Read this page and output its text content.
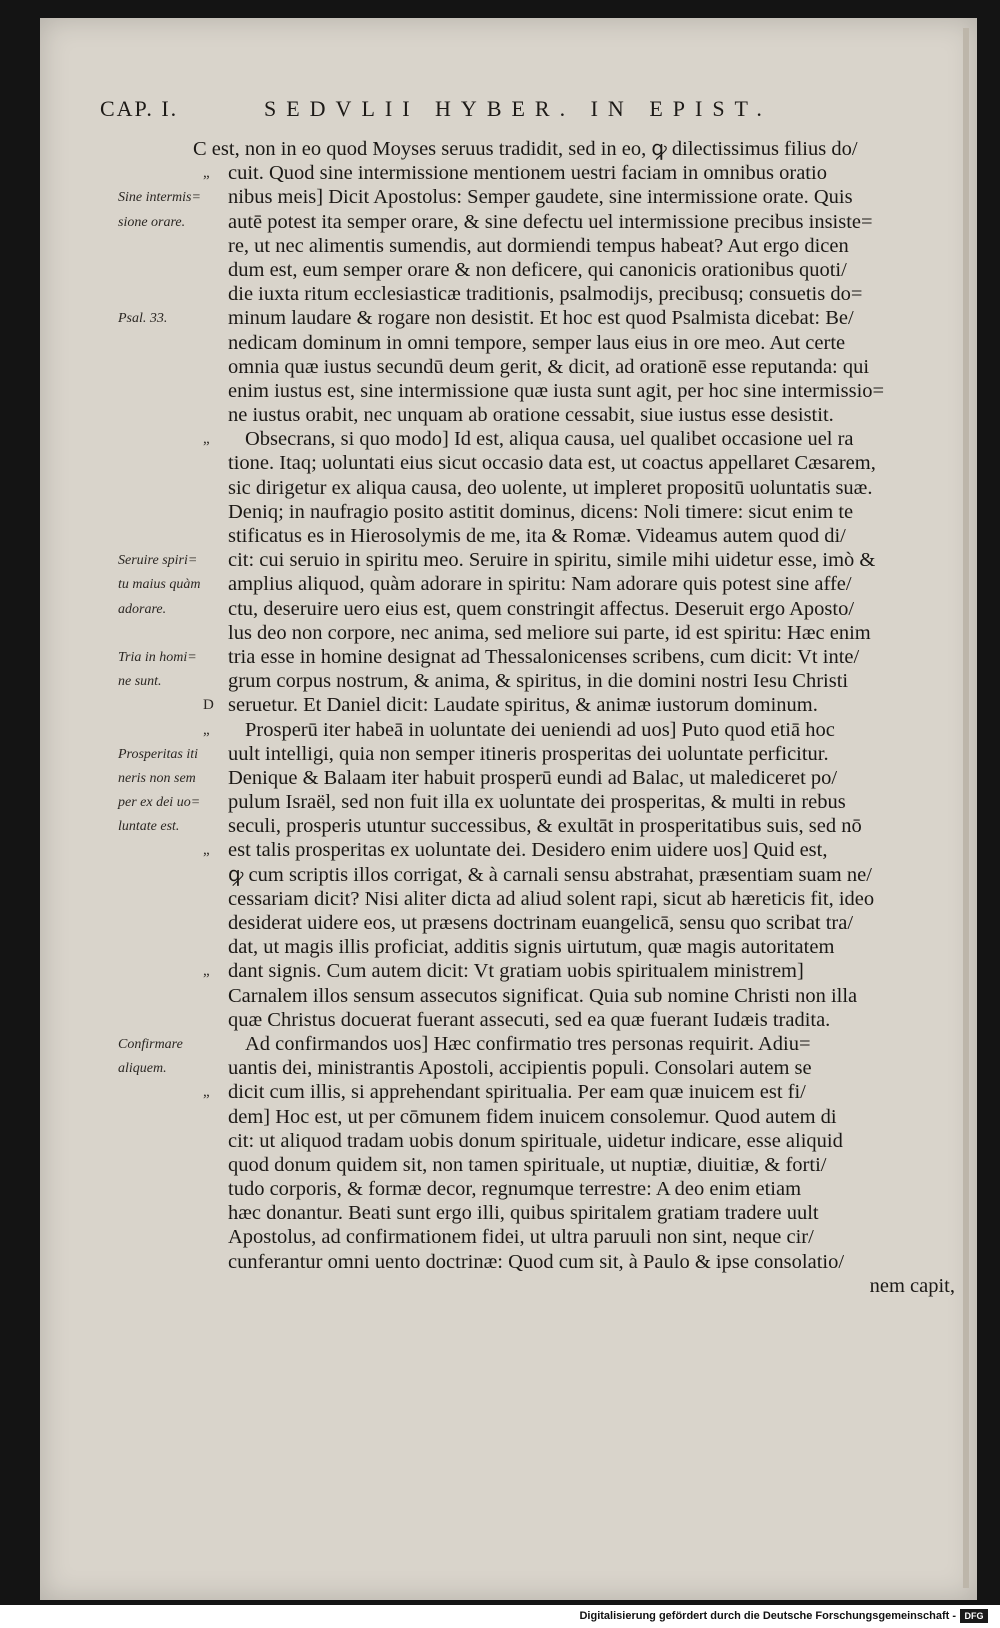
CAP. I.	SEDVLII HYBER. IN EPIST.
C est, non in eo quod Moyses seruus tradidit, sed in eo, ꝙ dilectissimus filius do/
„ cuit. Quod sine intermissione mentionem uestri faciam in omnibus oratio
Sine intermis=	nibus meis] Dicit Apostolus: Semper gaudete, sine intermissione orate. Quis
sione orare.	autē potest ita semper orare, & sine defectu uel intermissione precibus insiste=
re, ut nec alimentis sumendis, aut dormiendi tempus habeat? Aut ergo dicen
dum est, eum semper orare & non deficere, qui canonicis orationibus quoti/
die iuxta ritum ecclesiasticæ traditionis, psalmodijs, precibusq; consuetis do=
Psal. 33.	minum laudare & rogare non desistit. Et hoc est quod Psalmista dicebat: Be/
nedicam dominum in omni tempore, semper laus eius in ore meo. Aut certe
omnia quæ iustus secundū deum gerit, & dicit, ad orationē esse reputanda: qui
enim iustus est, sine intermissione quæ iusta sunt agit, per hoc sine intermissio=
ne iustus orabit, nec unquam ab oratione cessabit, siue iustus esse desistit.
„	Obsecrans, si quo modo] Id est, aliqua causa, uel qualibet occasione uel ra
tione. Itaq; uoluntati eius sicut occasio data est, ut coactus appellaret Cæsarem,
sic dirigetur ex aliqua causa, deo uolente, ut impleret propositū uoluntatis suæ.
Deniq; in naufragio posito astitit dominus, dicens: Noli timere: sicut enim te
stificatus es in Hierosolymis de me, ita & Romæ. Videamus autem quod di/
Seruire spiri=	cit: cui seruio in spiritu meo. Seruire in spiritu, simile mihi uidetur esse, imò &
tu maius quàm	amplius aliquod, quàm adorare in spiritu: Nam adorare quis potest sine affe/
adorare.	ctu, deseruire uero eius est, quem constringit affectus. Deseruit ergo Aposto/
lus deo non corpore, nec anima, sed meliore sui parte, id est spiritu: Hæc enim
Tria in homi=	tria esse in homine designat ad Thessalonicenses scribens, cum dicit: Vt inte/
ne sunt.	grum corpus nostrum, & anima, & spiritus, in die domini nostri Iesu Christi
D seruetur. Et Daniel dicit: Laudate spiritus, & animæ iustorum dominum.
„	Prosperū iter habeā in uoluntate dei ueniendi ad uos] Puto quod etiā hoc
Prosperitas iti	uult intelligi, quia non semper itineris prosperitas dei uoluntate perficitur.
neris non sem	Denique & Balaam iter habuit prosperū eundi ad Balac, ut malediceret po/
per ex dei uo=	pulum Israël, sed non fuit illa ex uoluntate dei prosperitas, & multi in rebus
luntate est.	seculi, prosperis utuntur successibus, & exultāt in prosperitatibus suis, sed nō
„ est talis prosperitas ex uoluntate dei. Desidero enim uidere uos] Quid est,
ꝙ cum scriptis illos corrigat, & à carnali sensu abstrahat, præsentiam suam ne/
cessariam dicit? Nisi aliter dicta ad aliud solent rapi, sicut ab hæreticis fit, ideo
desiderat uidere eos, ut præsens doctrinam euangelicā, sensu quo scribat tra/
dat, ut magis illis proficiat, additis signis uirtutum, quæ magis autoritatem
„ dant signis. Cum autem dicit: Vt gratiam uobis spiritualem ministrem]
Carnalem illos sensum assecutos significat. Quia sub nomine Christi non illa
quæ Christus docuerat fuerant assecuti, sed ea quæ fuerant Iudæis tradita.
Confirmare	Ad confirmandos uos] Hæc confirmatio tres personas requirit. Adiu=
aliquem.	uantis dei, ministrantis Apostoli, accipientis populi. Consolari autem se
„ dicit cum illis, si apprehendant spiritualia. Per eam quæ inuicem est fi/
dem] Hoc est, ut per cōmunem fidem inuicem consolemur. Quod autem di
cit: ut aliquod tradam uobis donum spirituale, uidetur indicare, esse aliquid
quod donum quidem sit, non tamen spirituale, ut nuptiæ, diuitiæ, & forti/
tudo corporis, & formæ decor, regnumque terrestre: A deo enim etiam
hæc donantur. Beati sunt ergo illi, quibus spiritalem gratiam tradere uult
Apostolus, ad confirmationem fidei, ut ultra paruuli non sint, neque cir/
cunferantur omni uento doctrinæ: Quod cum sit, à Paulo & ipse consolatio/
nem capit,
Digitalisierung gefördert durch die Deutsche Forschungsgemeinschaft - DFG
